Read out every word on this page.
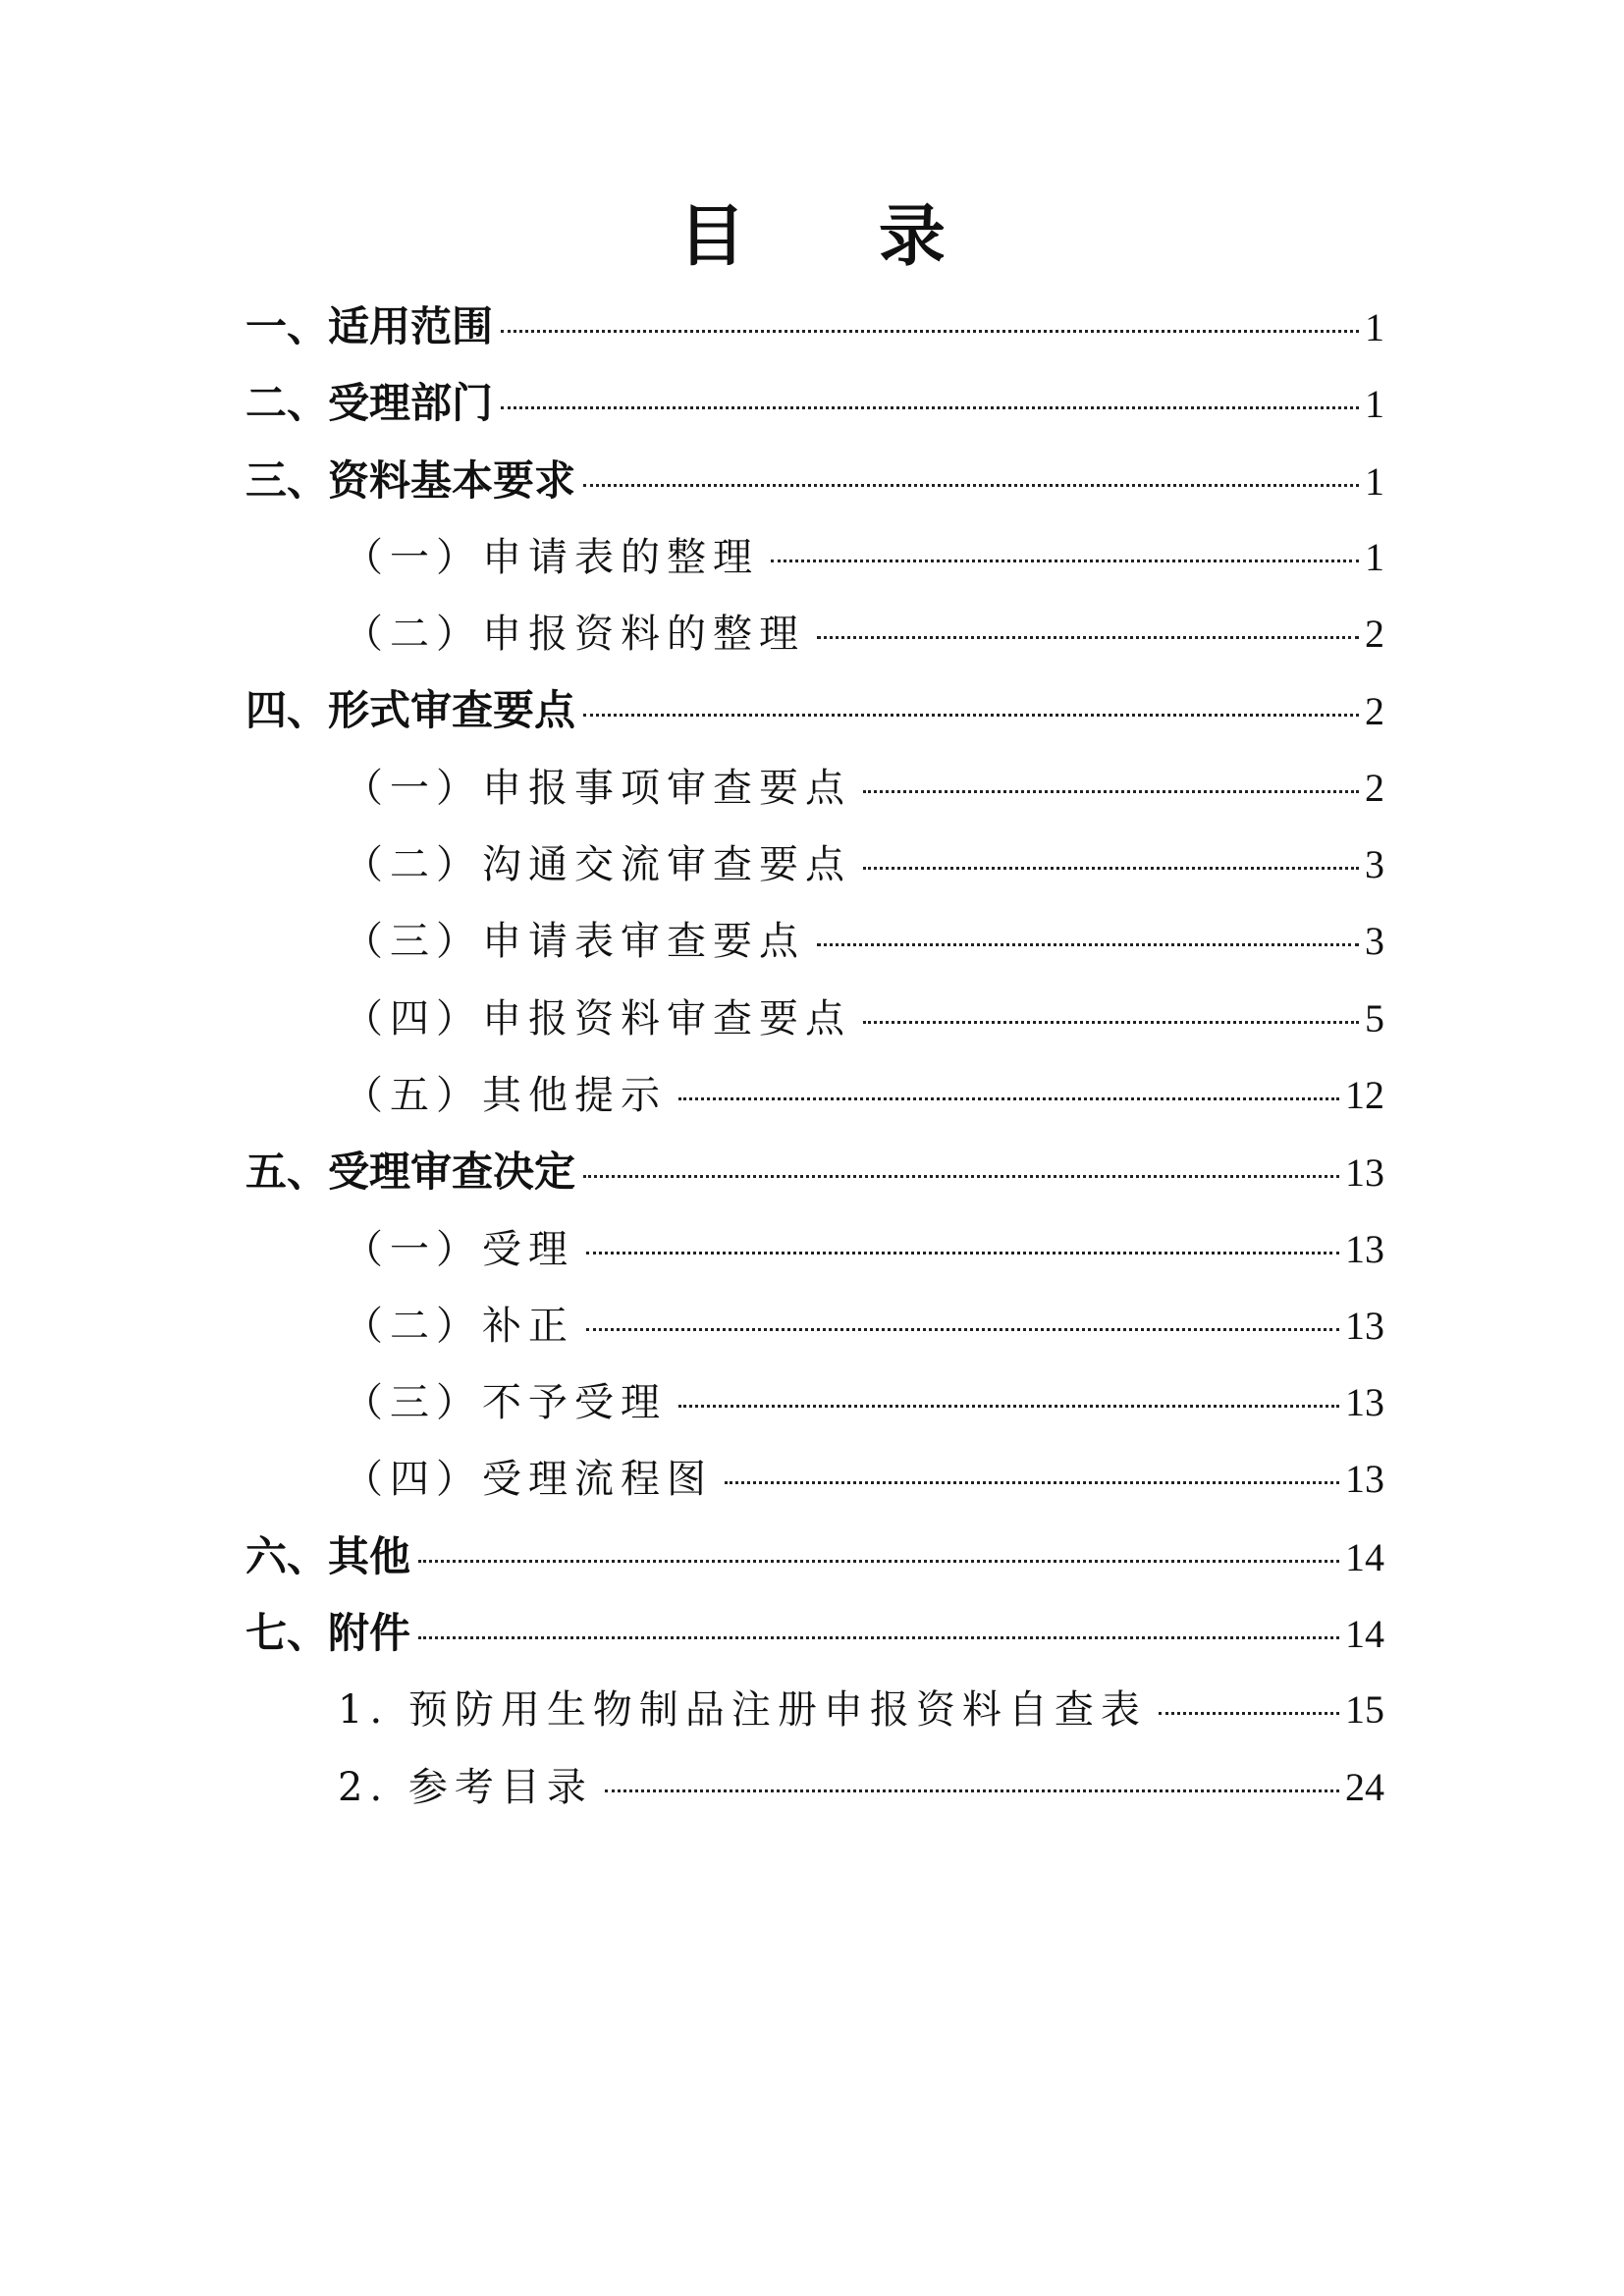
目 录
一、适用范围	1
二、受理部门	1
三、资料基本要求	1
（一）申请表的整理	1
（二）申报资料的整理	2
四、形式审查要点	2
（一）申报事项审查要点	2
（二）沟通交流审查要点	3
（三）申请表审查要点	3
（四）申报资料审查要点	5
（五）其他提示	12
五、受理审查决定	13
（一）受理	13
（二）补正	13
（三）不予受理	13
（四）受理流程图	13
六、其他	14
七、附件	14
1. 预防用生物制品注册申报资料自查表	15
2. 参考目录	24
